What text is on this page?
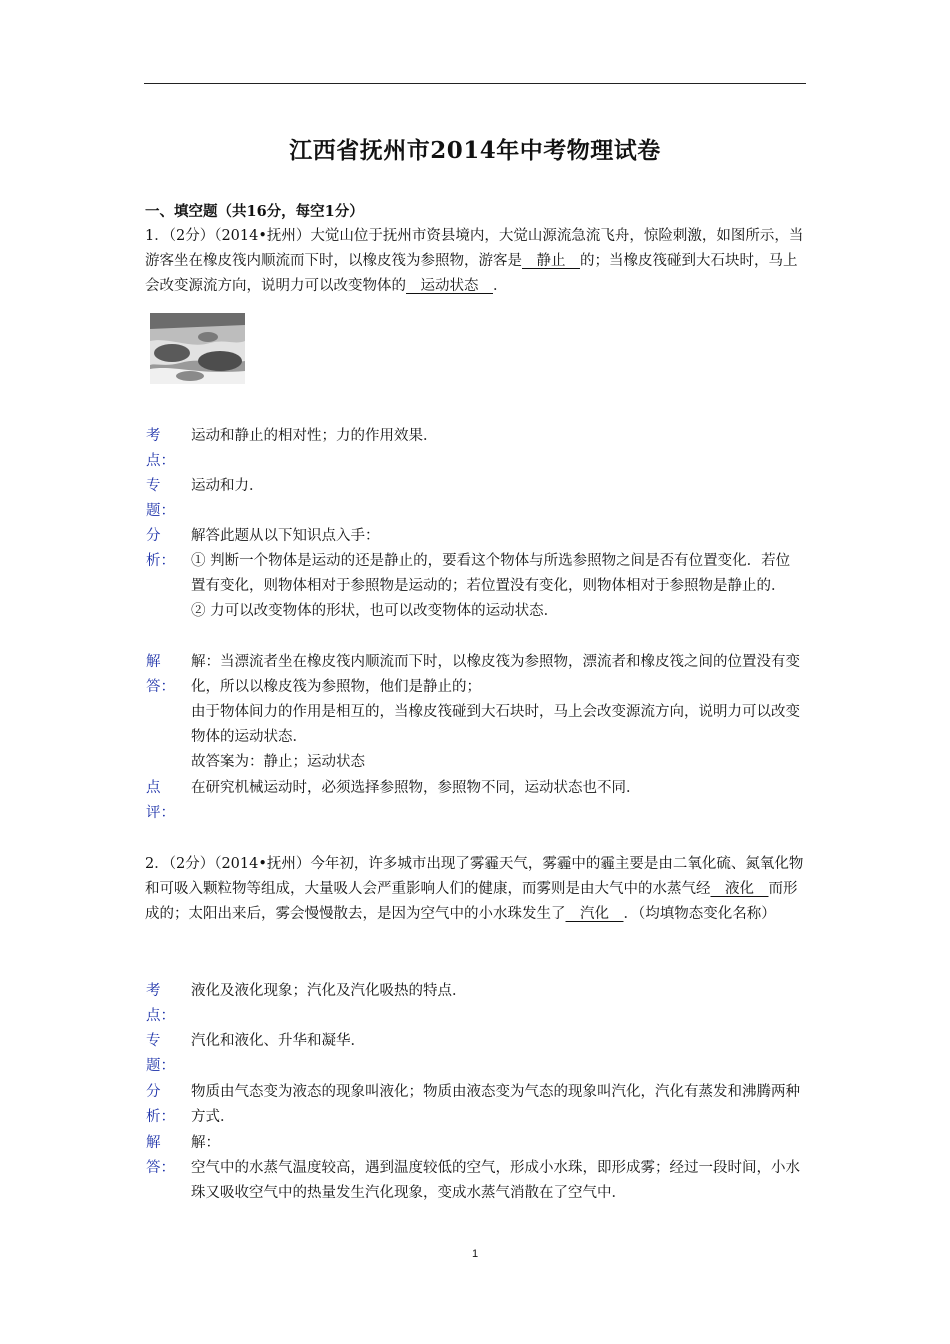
江西省抚州市2014年中考物理试卷
一、填空题（共16分，每空1分）
1．（2分）（2014•抚州）大觉山位于抚州市资县境内，大觉山源流急流飞舟，惊险刺激，如图所示，当游客坐在橡皮筏内顺流而下时，以橡皮筏为参照物，游客是　静止　的；当橡皮筏碰到大石块时，马上会改变源流方向，说明力可以改变物体的　运动状态　．
考点：
运动和静止的相对性；力的作用效果．
专题：
运动和力．
分析：

解答此题从以下知识点入手：

① 判断一个物体是运动的还是静止的，要看这个物体与所选参照物之间是否有位置变化．若位置有变化，则物体相对于参照物是运动的；若位置没有变化，则物体相对于参照物是静止的．

② 力可以改变物体的形状，也可以改变物体的运动状态．

解答：

解：当漂流者坐在橡皮筏内顺流而下时，以橡皮筏为参照物，漂流者和橡皮筏之间的位置没有变化，所以以橡皮筏为参照物，他们是静止的；

由于物体间力的作用是相互的，当橡皮筏碰到大石块时，马上会改变源流方向，说明力可以改变物体的运动状态．

故答案为：静止；运动状态

点评：
在研究机械运动时，必须选择参照物，参照物不同，运动状态也不同．
2．（2分）（2014•抚州）今年初，许多城市出现了雾霾天气，雾霾中的霾主要是由二氧化硫、氮氧化物和可吸入颗粒物等组成，大量吸人会严重影响人们的健康，而雾则是由大气中的水蒸气经　液化　而形成的；太阳出来后，雾会慢慢散去，是因为空气中的小水珠发生了　汽化　．（均填物态变化名称）
考点：
液化及液化现象；汽化及汽化吸热的特点．
专题：
汽化和液化、升华和凝华．
分析：
物质由气态变为液态的现象叫液化；物质由液态变为气态的现象叫汽化，汽化有蒸发和沸腾两种方式．
解答：

解：

空气中的水蒸气温度较高，遇到温度较低的空气，形成小水珠，即形成雾；经过一段时间，小水珠又吸收空气中的热量发生汽化现象，变成水蒸气消散在了空气中．

1
